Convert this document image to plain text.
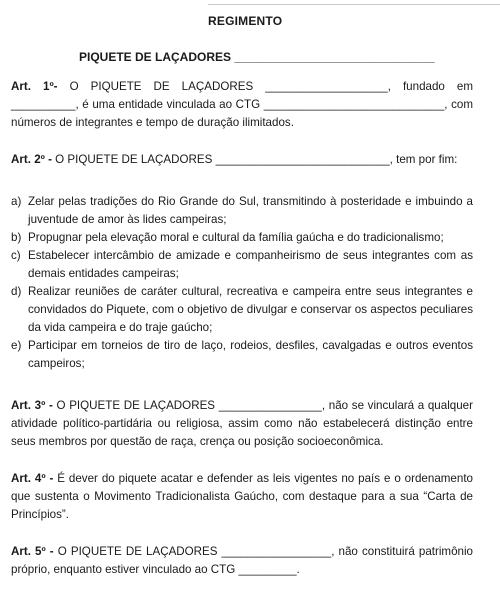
REGIMENTO
PIQUETE DE LAÇADORES ______________________________

Art. 1º- O PIQUETE DE LAÇADORES ___________________, fundado em __________, é uma entidade vinculada ao CTG ____________________________, com números de integrantes e tempo de duração ilimitados.

Art. 2º - O PIQUETE DE LAÇADORES ___________________________, tem por fim:

a) Zelar pelas tradições do Rio Grande do Sul, transmitindo à posteridade e imbuindo a juventude de amor às lides campeiras;
b) Propugnar pela elevação moral e cultural da família gaúcha e do tradicionalismo;
c) Estabelecer intercâmbio de amizade e companheirismo de seus integrantes com as demais entidades campeiras;
d) Realizar reuniões de caráter cultural, recreativa e campeira entre seus integrantes e convidados do Piquete, com o objetivo de divulgar e conservar os aspectos peculiares da vida campeira e do traje gaúcho;
e) Participar em torneios de tiro de laço, rodeios, desfiles, cavalgadas e outros eventos campeiros;

Art. 3º - O PIQUETE DE LAÇADORES ________________, não se vinculará a qualquer atividade político-partidária ou religiosa, assim como não estabelecerá distinção entre seus membros por questão de raça, crença ou posição socioeconômica.

Art. 4º - É dever do piquete acatar e defender as leis vigentes no país e o ordenamento que sustenta o Movimento Tradicionalista Gaúcho, com destaque para a sua “Carta de Princípios”.

Art. 5º - O PIQUETE DE LAÇADORES _________________, não constituirá patrimônio próprio, enquanto estiver vinculado ao CTG _________.
